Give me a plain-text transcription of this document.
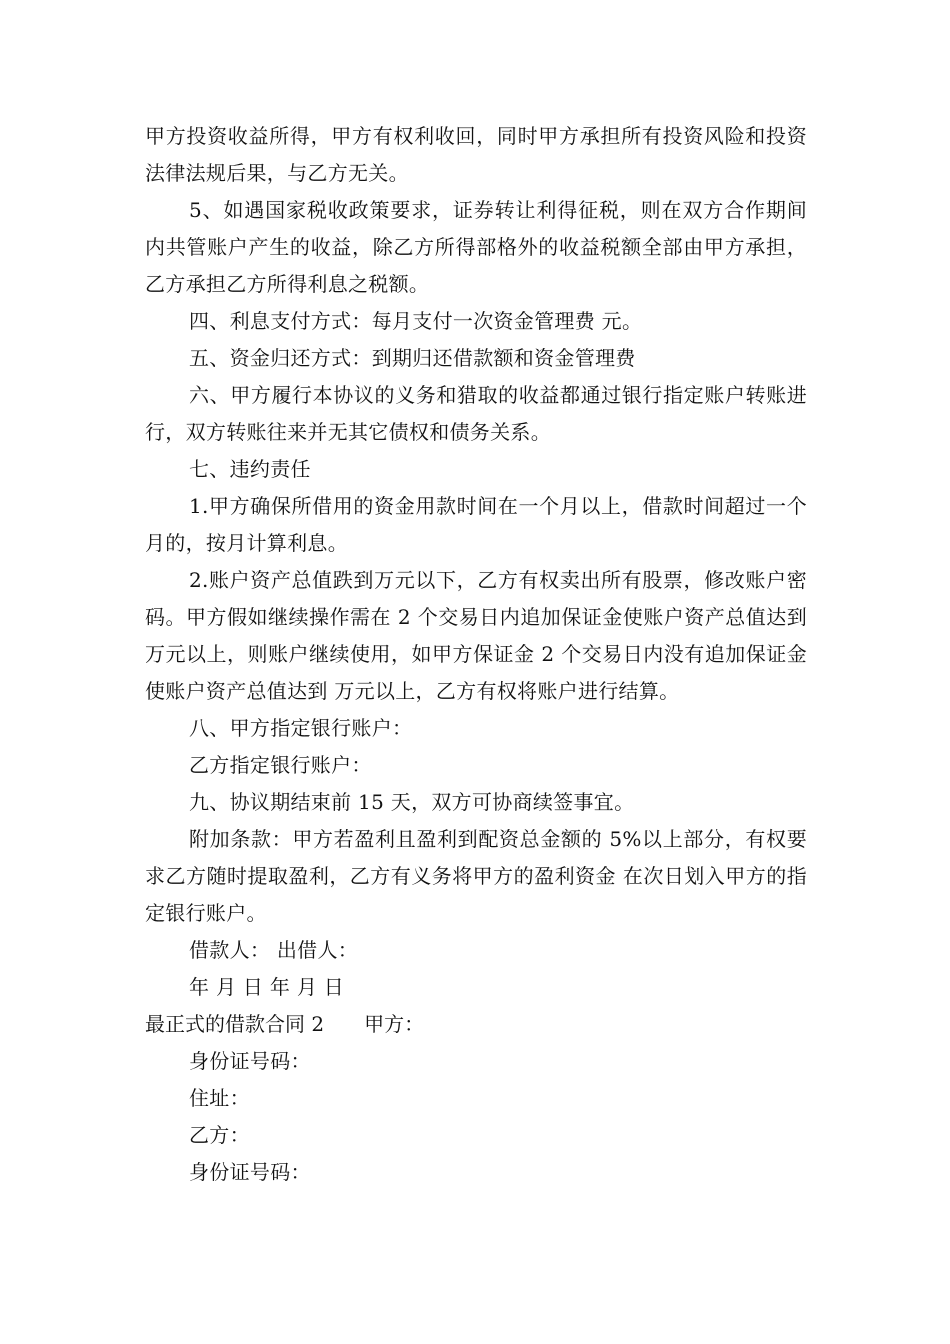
甲方投资收益所得，甲方有权利收回，同时甲方承担所有投资风险和投资法律法规后果，与乙方无关。

5、如遇国家税收政策要求，证券转让利得征税，则在双方合作期间内共管账户产生的收益，除乙方所得部格外的收益税额全部由甲方承担，乙方承担乙方所得利息之税额。

四、利息支付方式：每月支付一次资金管理费 元。

五、资金归还方式：到期归还借款额和资金管理费

六、甲方履行本协议的义务和猎取的收益都通过银行指定账户转账进行，双方转账往来并无其它债权和债务关系。

七、违约责任

1.甲方确保所借用的资金用款时间在一个月以上，借款时间超过一个月的，按月计算利息。

2.账户资产总值跌到万元以下，乙方有权卖出所有股票，修改账户密码。甲方假如继续操作需在 2 个交易日内追加保证金使账户资产总值达到 万元以上，则账户继续使用，如甲方保证金 2 个交易日内没有追加保证金使账户资产总值达到 万元以上，乙方有权将账户进行结算。

八、甲方指定银行账户：

乙方指定银行账户：

九、协议期结束前 15 天，双方可协商续签事宜。

附加条款：甲方若盈利且盈利到配资总金额的 5%以上部分，有权要求乙方随时提取盈利，乙方有义务将甲方的盈利资金 在次日划入甲方的指定银行账户。

借款人： 出借人：

年 月 日 年 月 日

最正式的借款合同 2 甲方：

身份证号码：

住址：

乙方：

身份证号码：
